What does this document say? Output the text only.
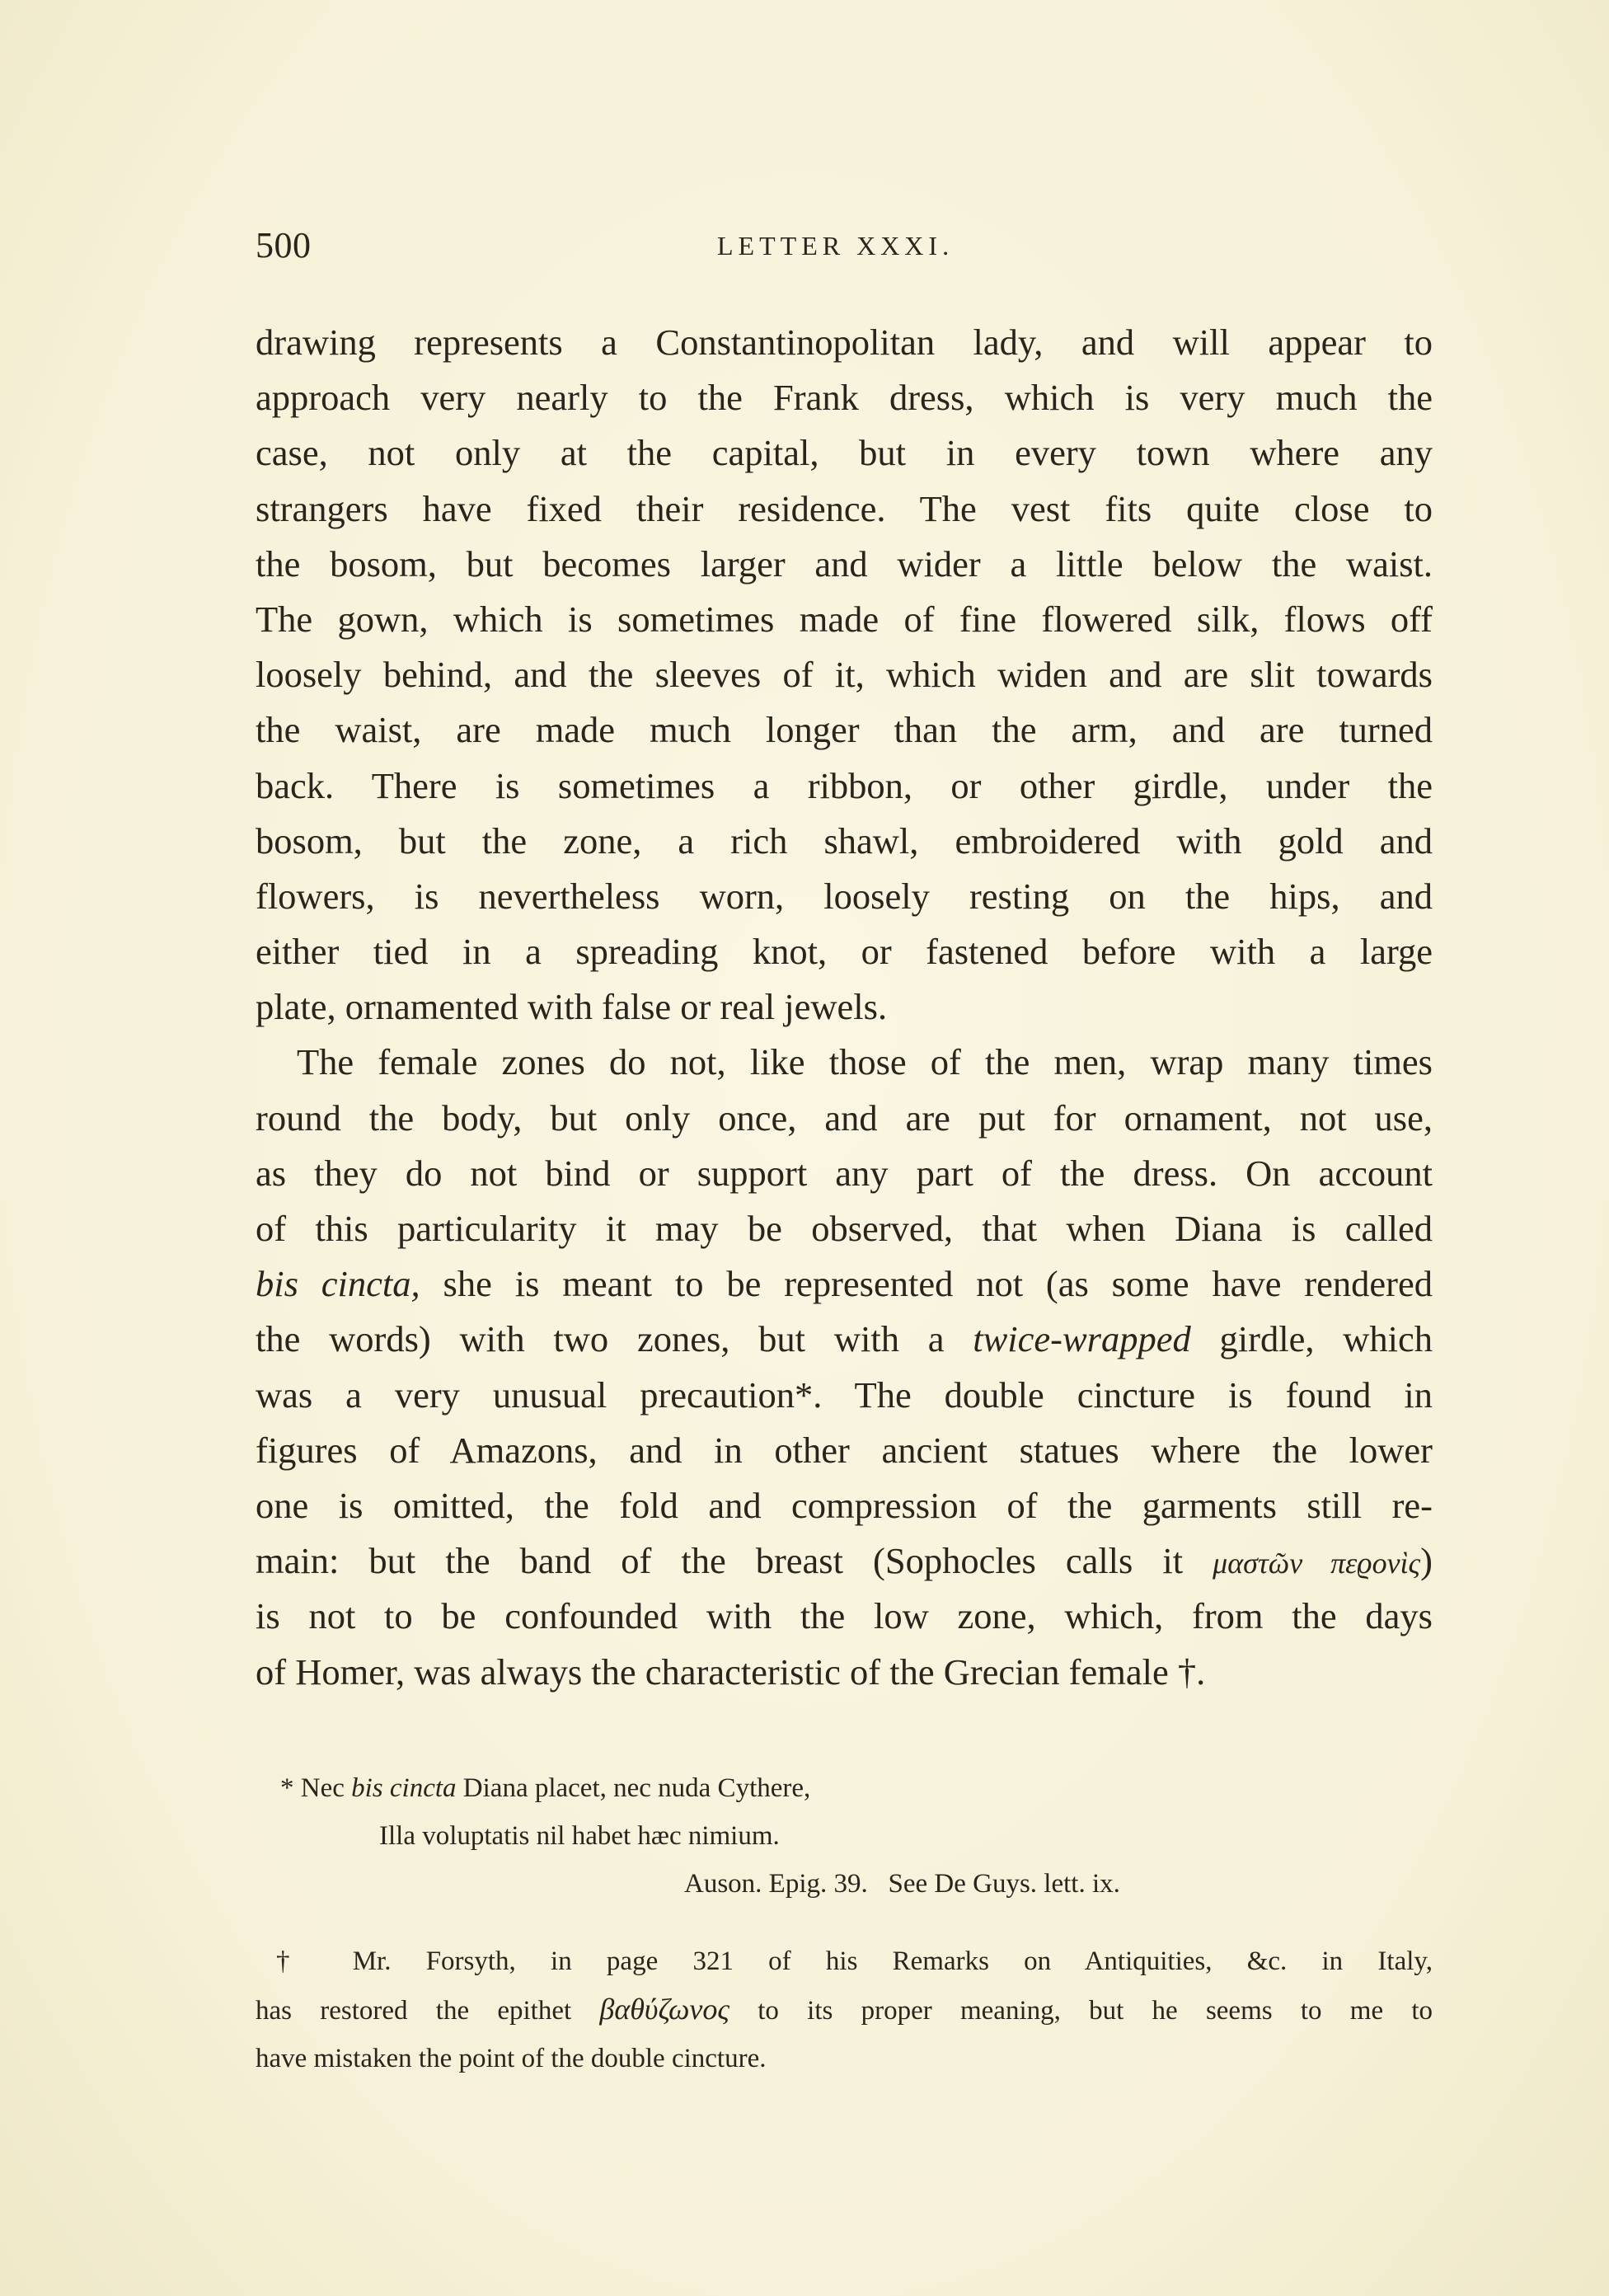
500	LETTER XXXI.
drawing represents a Constantinopolitan lady, and will appear to
approach very nearly to the Frank dress, which is very much the
case, not only at the capital, but in every town where any
strangers have fixed their residence. The vest fits quite close to
the bosom, but becomes larger and wider a little below the waist.
The gown, which is sometimes made of fine flowered silk, flows off
loosely behind, and the sleeves of it, which widen and are slit towards
the waist, are made much longer than the arm, and are turned
back. There is sometimes a ribbon, or other girdle, under the
bosom, but the zone, a rich shawl, embroidered with gold and
flowers, is nevertheless worn, loosely resting on the hips, and
either tied in a spreading knot, or fastened before with a large
plate, ornamented with false or real jewels.
The female zones do not, like those of the men, wrap many times
round the body, but only once, and are put for ornament, not use,
as they do not bind or support any part of the dress. On account
of this particularity it may be observed, that when Diana is called
bis cincta, she is meant to be represented not (as some have rendered
the words) with two zones, but with a twice-wrapped girdle, which
was a very unusual precaution*. The double cincture is found in
figures of Amazons, and in other ancient statues where the lower
one is omitted, the fold and compression of the garments still re-
main: but the band of the breast (Sophocles calls it μαστῶν πεϱονὶς)
is not to be confounded with the low zone, which, from the days
of Homer, was always the characteristic of the Grecian female †.
* Nec bis cincta Diana placet, nec nuda Cythere,
Illa voluptatis nil habet hæc nimium.
Auson. Epig. 39.   See De Guys. lett. ix.
† Mr. Forsyth, in page 321 of his Remarks on Antiquities, &c. in Italy,
has restored the epithet βαθύζωνος to its proper meaning, but he seems to me to
have mistaken the point of the double cincture.
